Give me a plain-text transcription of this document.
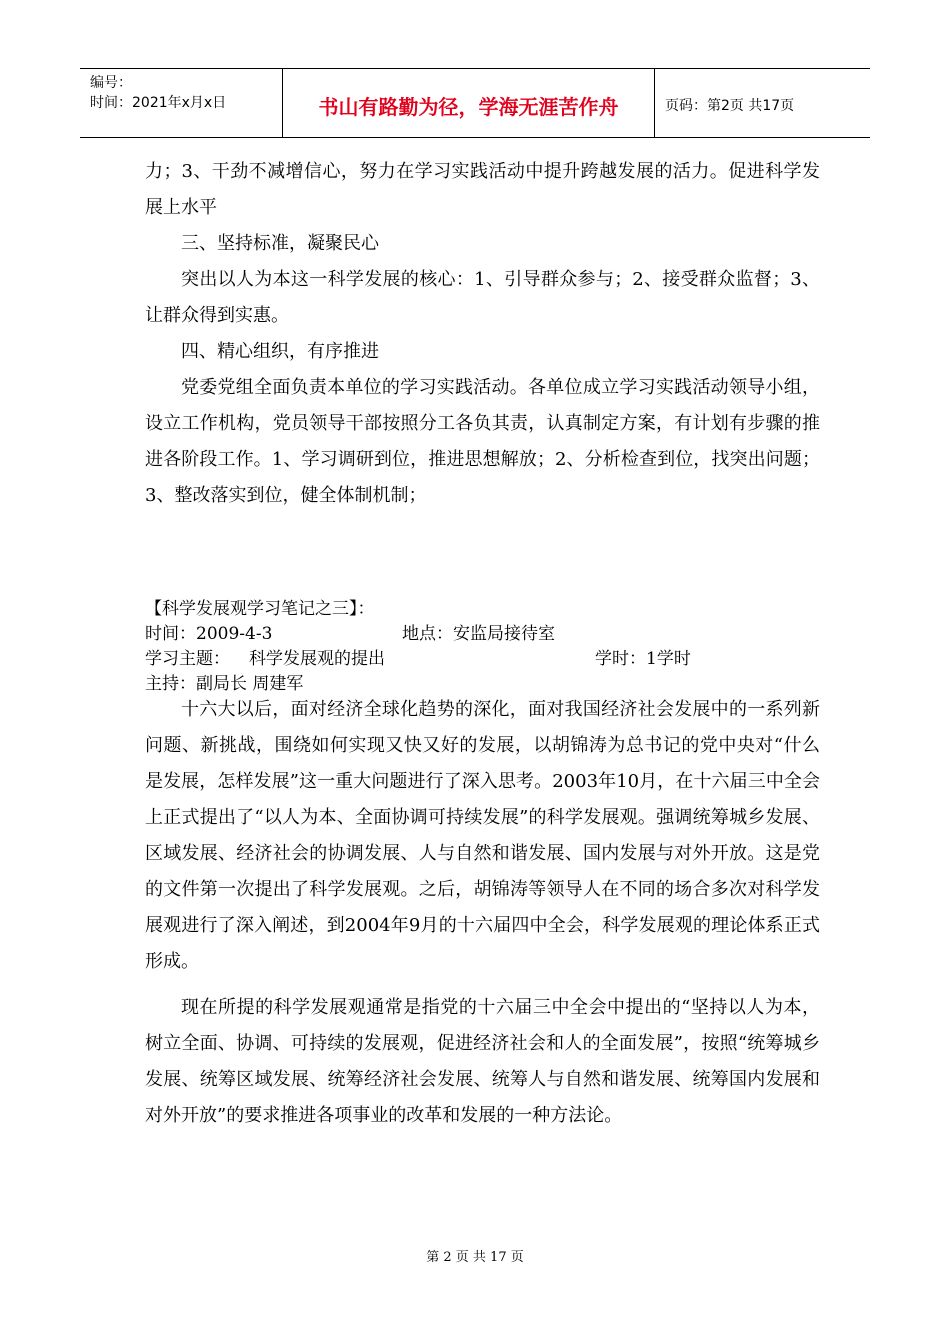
编号：
时间：2021年x月x日	书山有路勤为径，学海无涯苦作舟	页码：第2页 共17页

力；3、干劲不减增信心，努力在学习实践活动中提升跨越发展的活力。促进科学发展上水平

三、坚持标准，凝聚民心

突出以人为本这一科学发展的核心：1、引导群众参与；2、接受群众监督；3、让群众得到实惠。

四、精心组织，有序推进

党委党组全面负责本单位的学习实践活动。各单位成立学习实践活动领导小组，设立工作机构，党员领导干部按照分工各负其责，认真制定方案，有计划有步骤的推进各阶段工作。1、学习调研到位，推进思想解放；2、分析检查到位，找突出问题；3、整改落实到位，健全体制机制；

【科学发展观学习笔记之三】：
时间：2009-4-3	地点：安监局接待室
学习主题： 科学发展观的提出	学时：1学时
主持：副局长 周建军

十六大以后，面对经济全球化趋势的深化，面对我国经济社会发展中的一系列新问题、新挑战，围绕如何实现又快又好的发展，以胡锦涛为总书记的党中央对“什么是发展，怎样发展”这一重大问题进行了深入思考。2003年10月，在十六届三中全会上正式提出了“以人为本、全面协调可持续发展”的科学发展观。强调统筹城乡发展、区域发展、经济社会的协调发展、人与自然和谐发展、国内发展与对外开放。这是党的文件第一次提出了科学发展观。之后，胡锦涛等领导人在不同的场合多次对科学发展观进行了深入阐述，到2004年9月的十六届四中全会，科学发展观的理论体系正式形成。

现在所提的科学发展观通常是指党的十六届三中全会中提出的“坚持以人为本，树立全面、协调、可持续的发展观，促进经济社会和人的全面发展”，按照“统筹城乡发展、统筹区域发展、统筹经济社会发展、统筹人与自然和谐发展、统筹国内发展和对外开放”的要求推进各项事业的改革和发展的一种方法论。

第 2 页 共 17 页
